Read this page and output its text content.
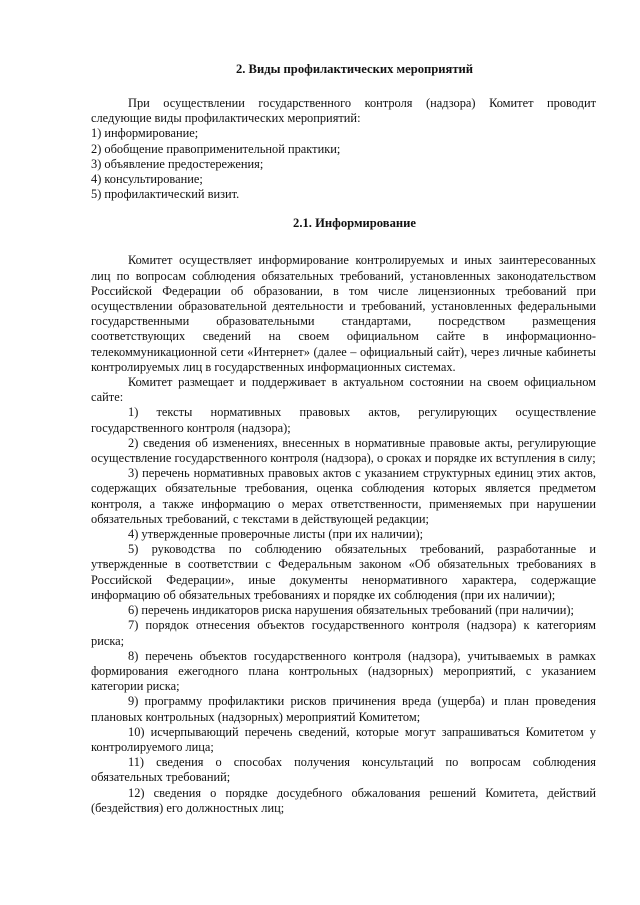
2. Виды профилактических мероприятий

При осуществлении государственного контроля (надзора) Комитет проводит следующие виды профилактических мероприятий:

1) информирование;
2) обобщение правоприменительной практики;
3) объявление предостережения;
4) консультирование;
5) профилактический визит.
2.1. Информирование

Комитет осуществляет информирование контролируемых и иных заинтересованных лиц по вопросам соблюдения обязательных требований, установленных законодательством Российской Федерации об образовании, в том числе лицензионных требований при осуществлении образовательной деятельности и требований, установленных федеральными государственными образовательными стандартами, посредством размещения соответствующих сведений на своем официальном сайте в информационно-телекоммуникационной сети «Интернет» (далее – официальный сайт), через личные кабинеты контролируемых лиц в государственных информационных системах.

Комитет размещает и поддерживает в актуальном состоянии на своем официальном сайте:

1) тексты нормативных правовых актов, регулирующих осуществление государственного контроля (надзора);
2) сведения об изменениях, внесенных в нормативные правовые акты, регулирующие осуществление государственного контроля (надзора), о сроках и порядке их вступления в силу;
3) перечень нормативных правовых актов с указанием структурных единиц этих актов, содержащих обязательные требования, оценка соблюдения которых является предметом контроля, а также информацию о мерах ответственности, применяемых при нарушении обязательных требований, с текстами в действующей редакции;
4) утвержденные проверочные листы (при их наличии);
5) руководства по соблюдению обязательных требований, разработанные и утвержденные в соответствии с Федеральным законом «Об обязательных требованиях в Российской Федерации», иные документы ненормативного характера, содержащие информацию об обязательных требованиях и порядке их соблюдения (при их наличии);
6) перечень индикаторов риска нарушения обязательных требований (при наличии);
7) порядок отнесения объектов государственного контроля (надзора) к категориям риска;
8) перечень объектов государственного контроля (надзора), учитываемых в рамках формирования ежегодного плана контрольных (надзорных) мероприятий, с указанием категории риска;
9) программу профилактики рисков причинения вреда (ущерба) и план проведения плановых контрольных (надзорных) мероприятий Комитетом;
10) исчерпывающий перечень сведений, которые могут запрашиваться Комитетом у контролируемого лица;
11) сведения о способах получения консультаций по вопросам соблюдения обязательных требований;
12) сведения о порядке досудебного обжалования решений Комитета, действий (бездействия) его должностных лиц;
